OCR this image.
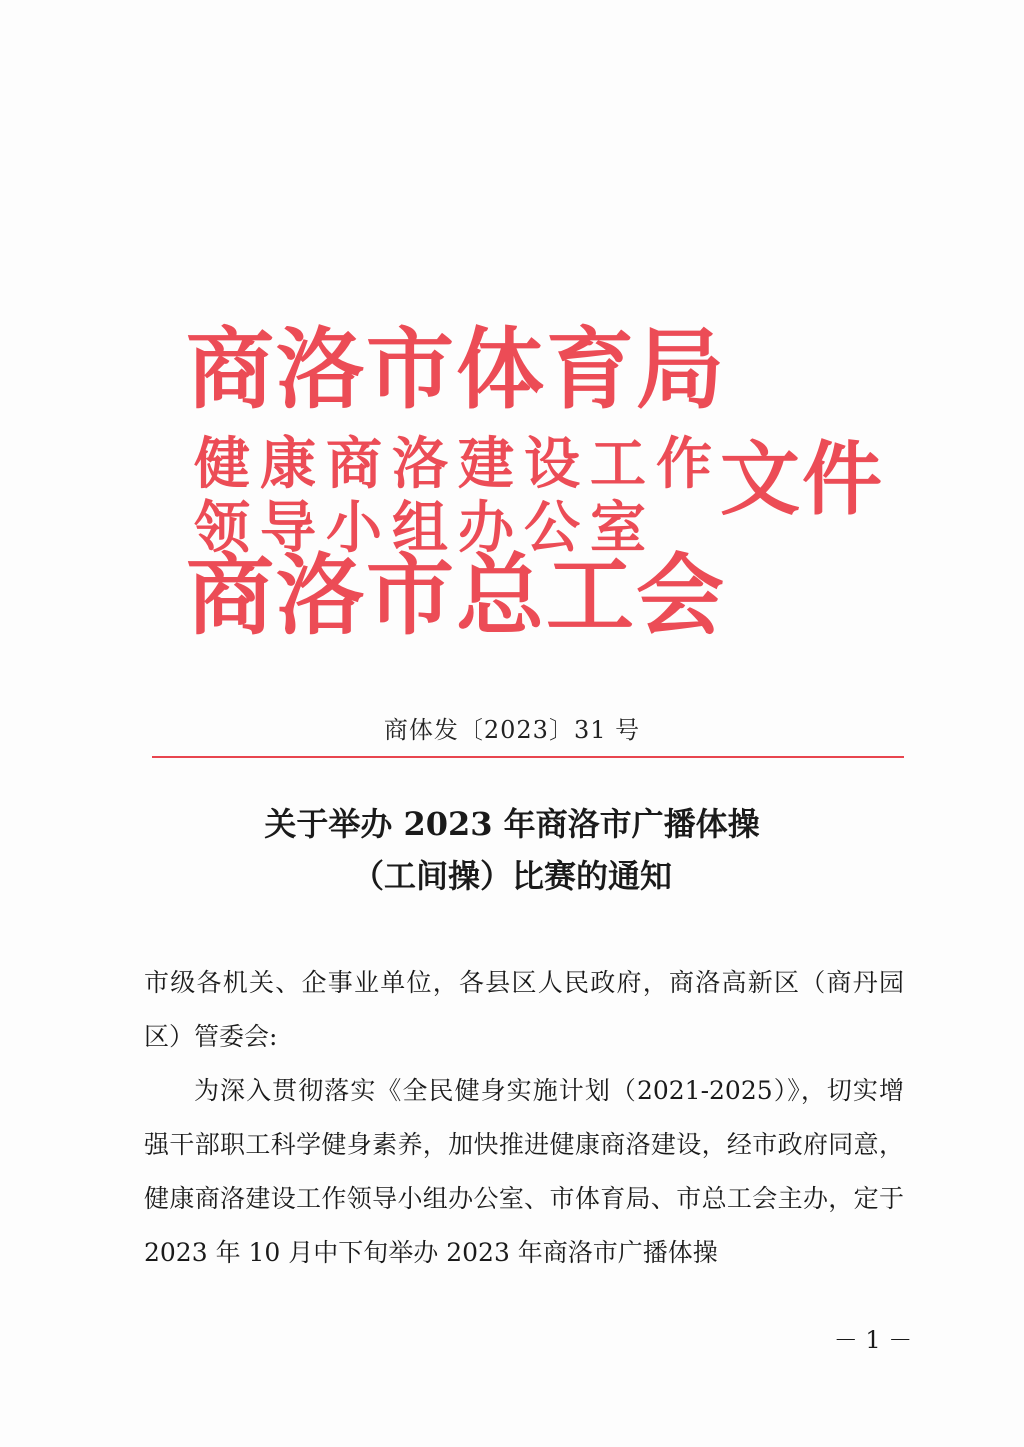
商洛市体育局
健康商洛建设工作
领导小组办公室
商洛市总工会
文件
商体发〔2023〕31 号
关于举办 2023 年商洛市广播体操
（工间操）比赛的通知

市级各机关、企事业单位，各县区人民政府，商洛高新区（商丹园区）管委会:

为深入贯彻落实《全民健身实施计划（2021-2025）》，切实增强干部职工科学健身素养，加快推进健康商洛建设，经市政府同意，健康商洛建设工作领导小组办公室、市体育局、市总工会主办，定于 2023 年 10 月中下旬举办 2023 年商洛市广播体操

－ 1 －
